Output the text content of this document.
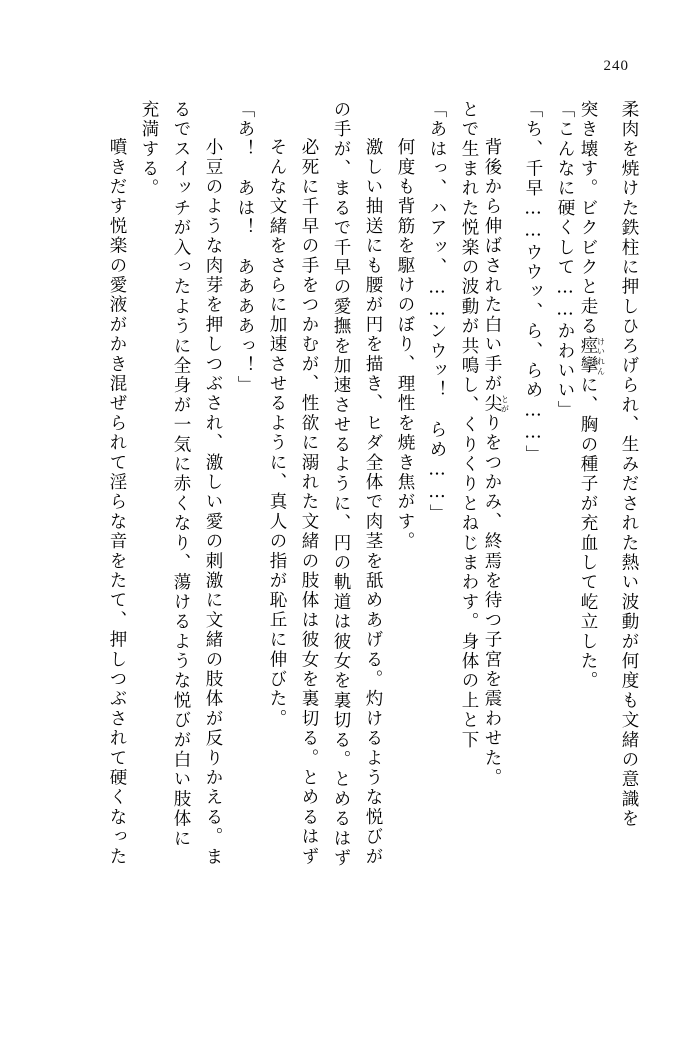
240
柔肉を焼けた鉄柱に押しひろげられ、生みだされた熱い波動が何度も文緒の意識を
突き壊す。ビクビクと走る痙攣けいれんに、胸の種子が充血して屹立した。
「こんなに硬くして……かわいい」
「ち、千早……ウウッ、ら、らめ……」
　背後から伸ばされた白い手が尖とがりをつかみ、終焉を待つ子宮を震わせた。
とで生まれた悦楽の波動が共鳴し、くりくりとねじまわす。身体の上と下
「あはっ、ハアッ、……ンウッ！　らめ……」
　何度も背筋を駆けのぼり、理性を焼き焦がす。
　激しい抽送にも腰が円を描き、ヒダ全体で肉茎を舐めあげる。灼けるような悦びが
の手が、まるで千早の愛撫を加速させるように、円の軌道は彼女を裏切る。とめるはず
　必死に千早の手をつかむが、性欲に溺れた文緒の肢体は彼女を裏切る。とめるはず
　そんな文緒をさらに加速させるように、真人の指が恥丘に伸びた。
「あ！　あは！　ああああっ！」
　小豆のような肉芽を押しつぶされ、激しい愛の刺激に文緒の肢体が反りかえる。ま
るでスイッチが入ったように全身が一気に赤くなり、蕩けるような悦びが白い肢体に
充満する。
　噴きだす悦楽の愛液がかき混ぜられて淫らな音をたて、押しつぶされて硬くなった
